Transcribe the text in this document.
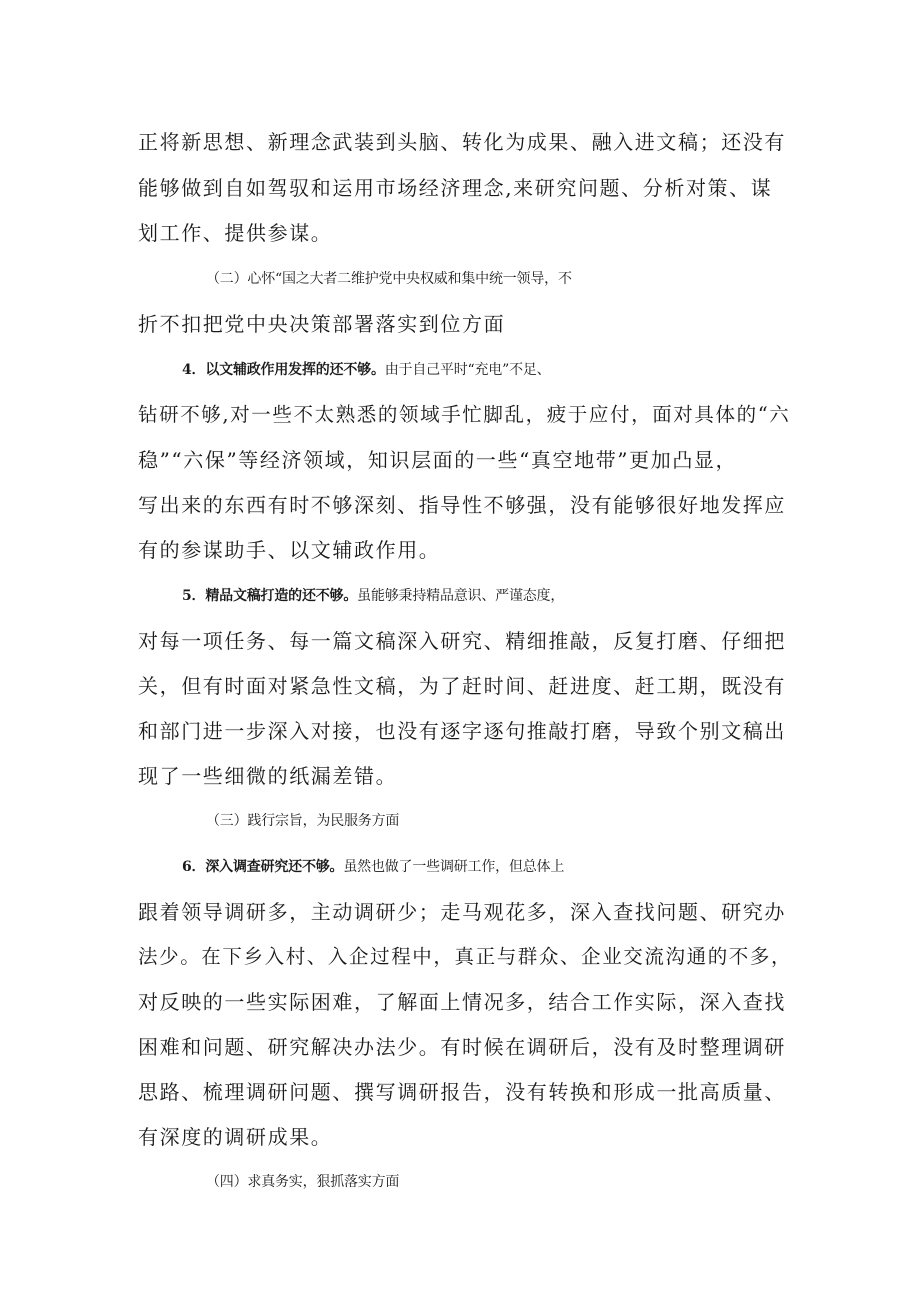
正将新思想、新理念武装到头脑、转化为成果、融入进文稿；还没有
能够做到自如驾驭和运用市场经济理念,来研究问题、分析对策、谋
划工作、提供参谋。
（二）心怀“国之大者二维护党中央权威和集中统一领导，不
折不扣把党中央决策部署落实到位方面
4．以文辅政作用发挥的还不够。由于自己平时“充电”不足、
钻研不够,对一些不太熟悉的领域手忙脚乱，疲于应付，面对具体的“六
稳”“六保”等经济领域，知识层面的一些“真空地带”更加凸显，
写出来的东西有时不够深刻、指导性不够强，没有能够很好地发挥应
有的参谋助手、以文辅政作用。
5．精品文稿打造的还不够。虽能够秉持精品意识、严谨态度，
对每一项任务、每一篇文稿深入研究、精细推敲，反复打磨、仔细把
关，但有时面对紧急性文稿，为了赶时间、赶进度、赶工期，既没有
和部门进一步深入对接，也没有逐字逐句推敲打磨，导致个别文稿出
现了一些细微的纸漏差错。
（三）践行宗旨，为民服务方面
6．深入调查研究还不够。虽然也做了一些调研工作，但总体上
跟着领导调研多，主动调研少；走马观花多，深入查找问题、研究办
法少。在下乡入村、入企过程中，真正与群众、企业交流沟通的不多，
对反映的一些实际困难，了解面上情况多，结合工作实际，深入查找
困难和问题、研究解决办法少。有时候在调研后，没有及时整理调研
思路、梳理调研问题、撰写调研报告，没有转换和形成一批高质量、
有深度的调研成果。
（四）求真务实，狠抓落实方面
